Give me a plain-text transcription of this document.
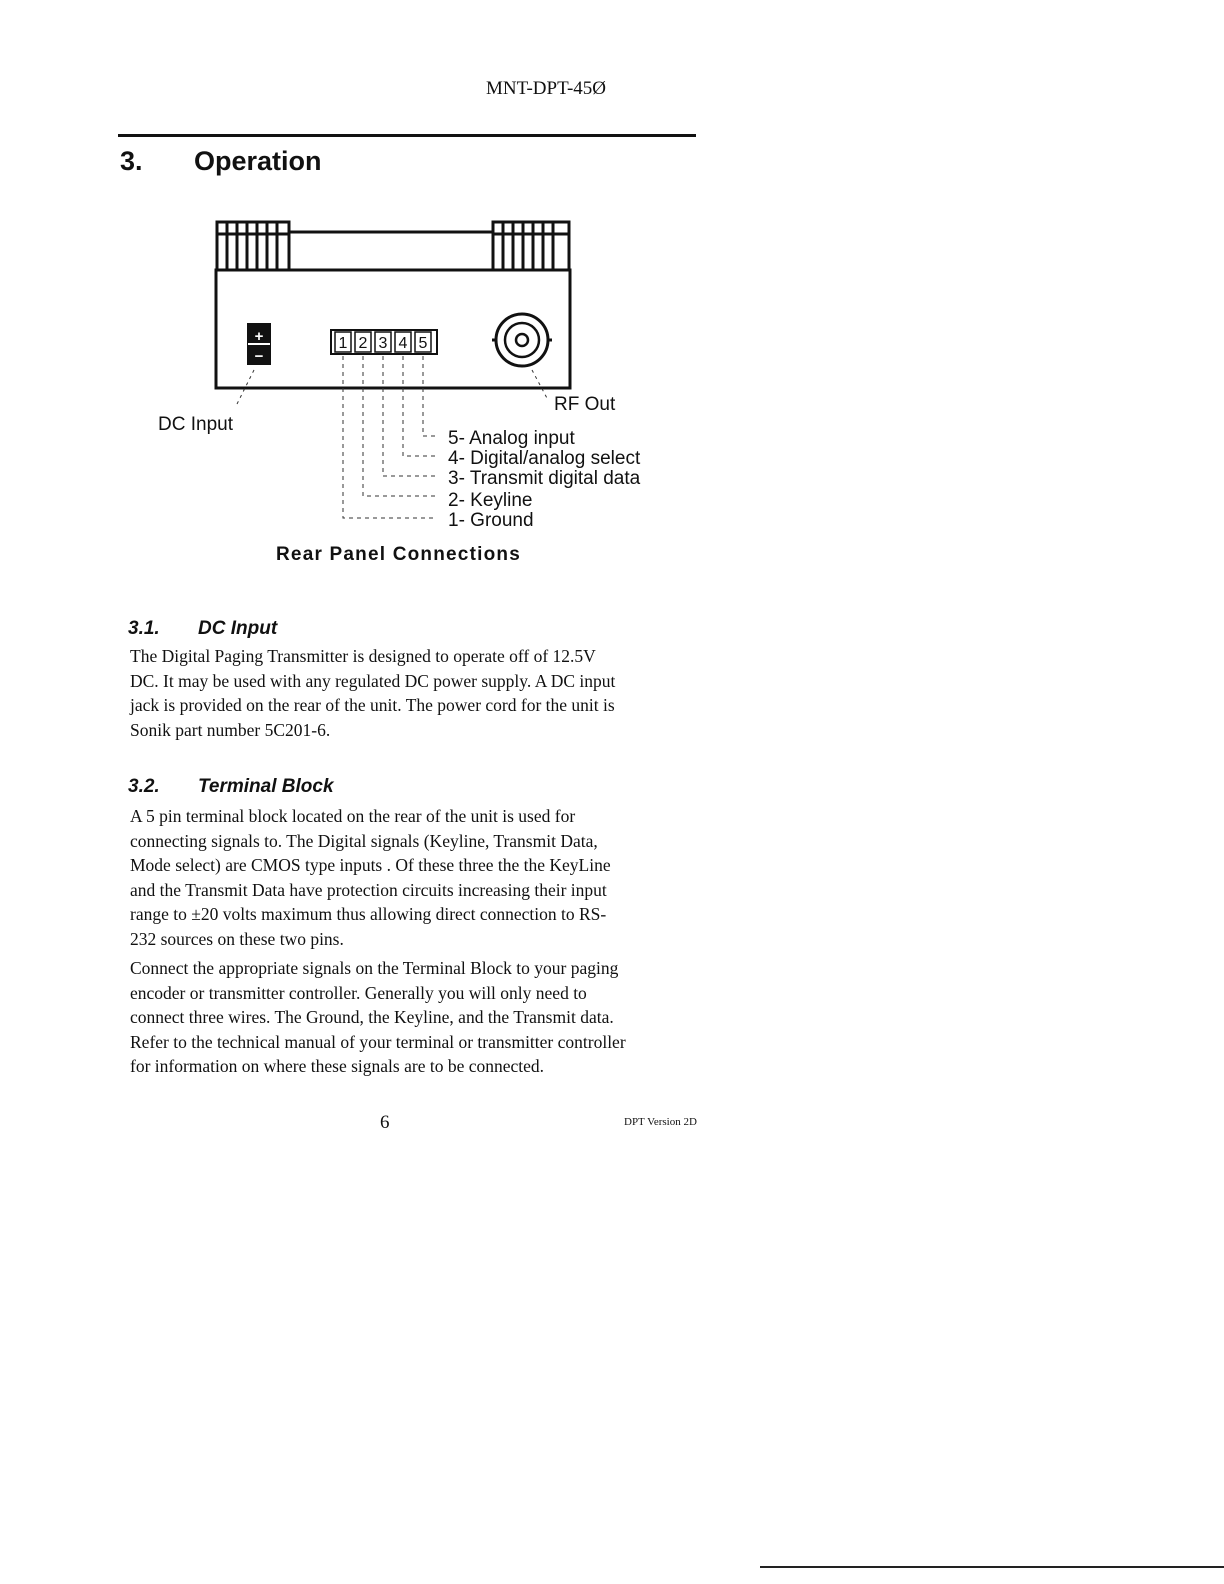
MNT-DPT-45Ø
3. Operation
+
−
1 2 3 4 5
DC Input
RF Out
5- Analog input
4- Digital/analog select
3- Transmit digital data
2- Keyline
1- Ground
Rear Panel Connections
3.1. DC Input
The Digital Paging Transmitter is designed to operate off of 12.5V
DC. It may be used with any regulated DC power supply. A DC input
jack is provided on the rear of the unit. The power cord for the unit is
Sonik part number 5C201-6.
3.2. Terminal Block
A 5 pin terminal block located on the rear of the unit is used for
connecting signals to. The Digital signals (Keyline, Transmit Data,
Mode select) are CMOS type inputs . Of these three the the KeyLine
and the Transmit Data have protection circuits increasing their input
range to ±20 volts maximum thus allowing direct connection to RS-
232 sources on these two pins.
Connect the appropriate signals on the Terminal Block to your paging
encoder or transmitter controller. Generally you will only need to
connect three wires. The Ground, the Keyline, and the Transmit data.
Refer to the technical manual of your terminal or transmitter controller
for information on where these signals are to be connected.
6	DPT Version 2D
